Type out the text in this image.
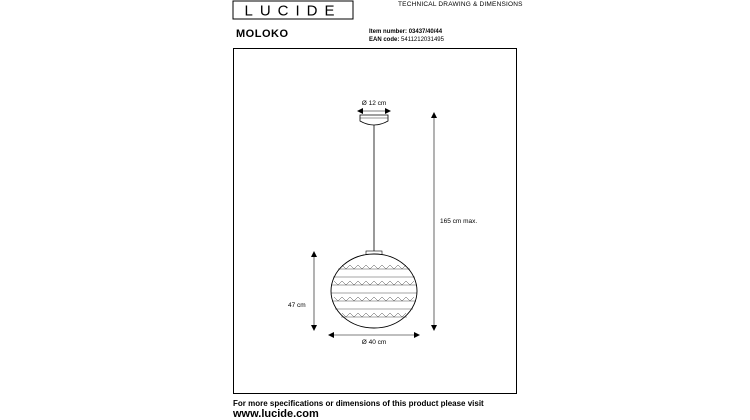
LUCIDE	TECHNICAL DRAWING & DIMENSIONS
MOLOKO	Item number: 03437/40/44
EAN code: 5411212031495
Ø 12 cm
165 cm max.
47 cm
Ø 40 cm
For more specifications or dimensions of this product please visit
www.lucide.com
